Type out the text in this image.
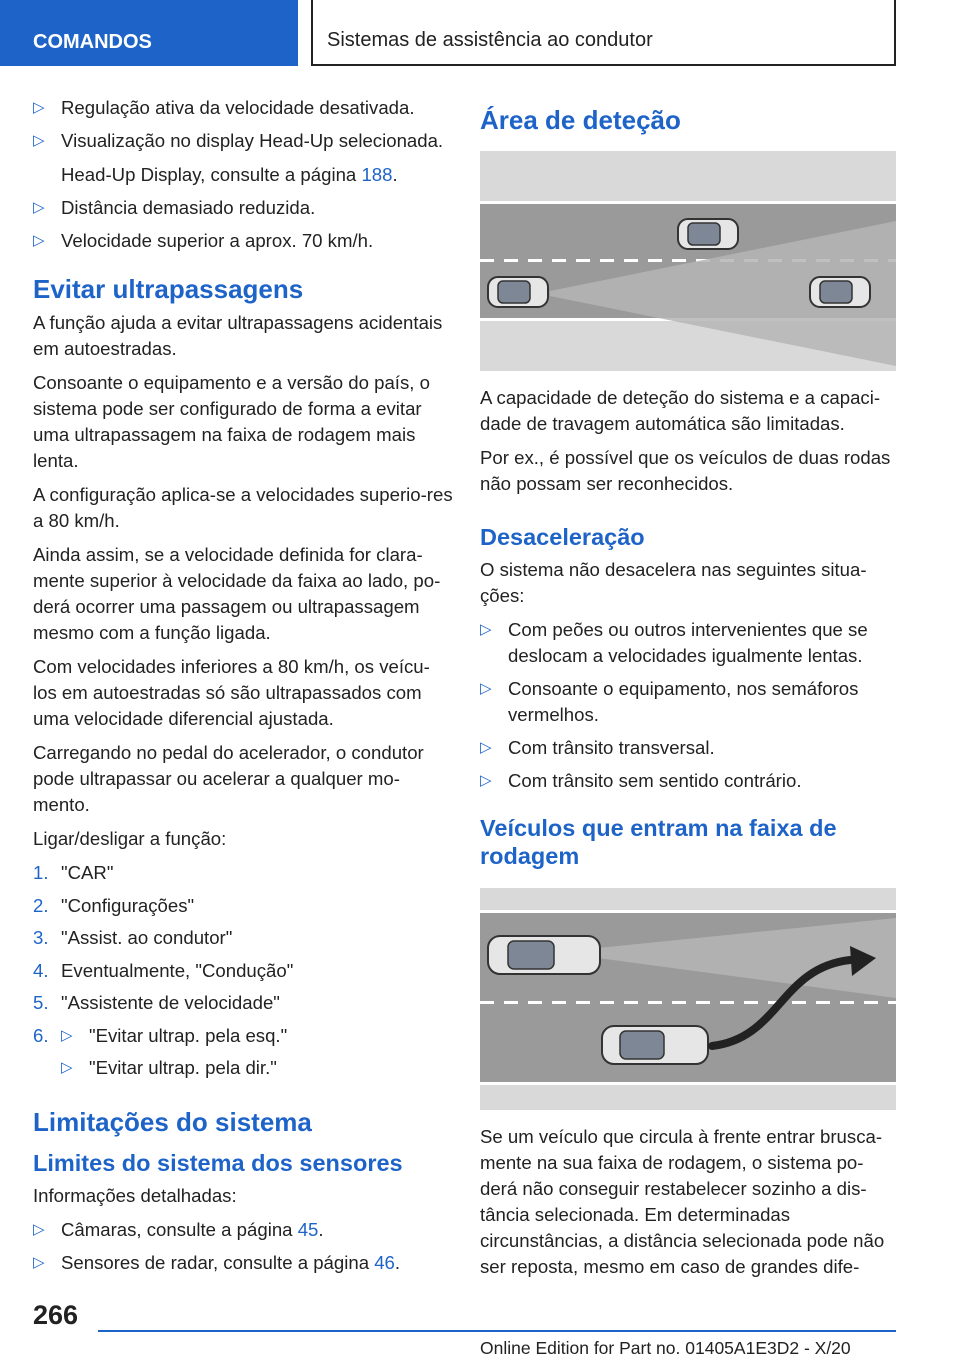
COMANDOS	Sistemas de assistência ao condutor
▷ Regulação ativa da velocidade desativada.
▷ Visualização no display Head-Up selecionada.
Head-Up Display, consulte a página 188.
▷ Distância demasiado reduzida.
▷ Velocidade superior a aprox. 70 km/h.
Evitar ultrapassagens

A função ajuda a evitar ultrapassagens acidentais em autoestradas.

Consoante o equipamento e a versão do país, o sistema pode ser configurado de forma a evitar uma ultrapassagem na faixa de rodagem mais lenta.

A configuração aplica-se a velocidades superio‐res a 80 km/h.

Ainda assim, se a velocidade definida for clara‐mente superior à velocidade da faixa ao lado, po‐derá ocorrer uma passagem ou ultrapassagem mesmo com a função ligada.

Com velocidades inferiores a 80 km/h, os veícu‐los em autoestradas só são ultrapassados com uma velocidade diferencial ajustada.

Carregando no pedal do acelerador, o condutor pode ultrapassar ou acelerar a qualquer mo‐mento.

Ligar/desligar a função:

1. "CAR"
2. "Configurações"
3. "Assist. ao condutor"
4. Eventualmente, "Condução"
5. "Assistente de velocidade"
6. ▷ "Evitar ultrap. pela esq."
▷ "Evitar ultrap. pela dir."
Limitações do sistema
Limites do sistema dos sensores

Informações detalhadas:

▷ Câmaras, consulte a página 45.
▷ Sensores de radar, consulte a página 46.
Área de deteção

A capacidade de deteção do sistema e a capaci‐dade de travagem automática são limitadas.

Por ex., é possível que os veículos de duas rodas não possam ser reconhecidos.

Desaceleração

O sistema não desacelera nas seguintes situa‐ções:

▷ Com peões ou outros intervenientes que se deslocam a velocidades igualmente lentas.
▷ Consoante o equipamento, nos semáforos vermelhos.
▷ Com trânsito transversal.
▷ Com trânsito sem sentido contrário.
Veículos que entram na faixa de rodagem

Se um veículo que circula à frente entrar brusca‐mente na sua faixa de rodagem, o sistema po‐derá não conseguir restabelecer sozinho a dis‐tância selecionada. Em determinadas circunstâncias, a distância selecionada pode não ser reposta, mesmo em caso de grandes dife‐

266
Online Edition for Part no. 01405A1E3D2 - X/20
